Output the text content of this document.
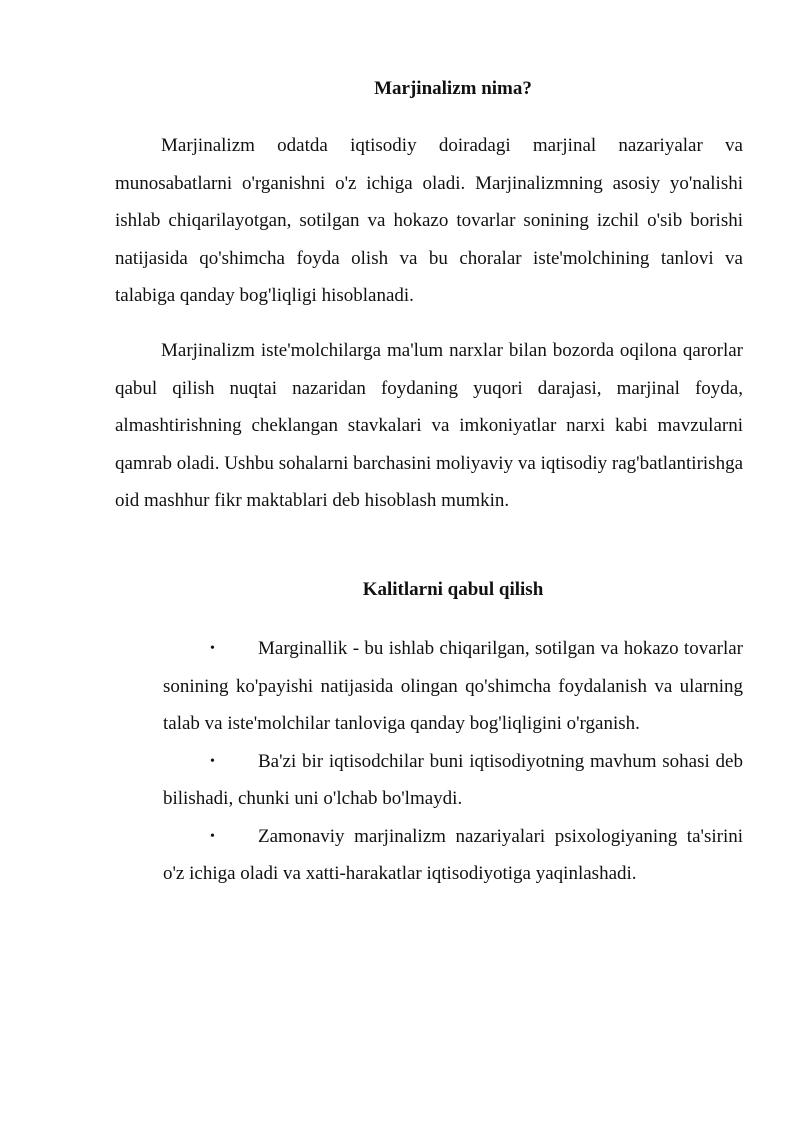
Marjinalizm nima?

Marjinalizm odatda iqtisodiy doiradagi marjinal nazariyalar va munosabatlarni o'rganishni o'z ichiga oladi. Marjinalizmning asosiy yo'nalishi ishlab chiqarilayotgan, sotilgan va hokazo tovarlar sonining izchil o'sib borishi natijasida qo'shimcha foyda olish va bu choralar iste'molchining tanlovi va talabiga qanday bog'liqligi hisoblanadi.

Marjinalizm iste'molchilarga ma'lum narxlar bilan bozorda oqilona qarorlar qabul qilish nuqtai nazaridan foydaning yuqori darajasi, marjinal foyda, almashtirishning cheklangan stavkalari va imkoniyatlar narxi kabi mavzularni qamrab oladi. Ushbu sohalarni barchasini moliyaviy va iqtisodiy rag'batlantirishga oid mashhur fikr maktablari deb hisoblash mumkin.

Kalitlarni qabul qilish
• Marginallik - bu ishlab chiqarilgan, sotilgan va hokazo tovarlar sonining ko'payishi natijasida olingan qo'shimcha foydalanish va ularning talab va iste'molchilar tanloviga qanday bog'liqligini o'rganish.
• Ba'zi bir iqtisodchilar buni iqtisodiyotning mavhum sohasi deb bilishadi, chunki uni o'lchab bo'lmaydi.
• Zamonaviy marjinalizm nazariyalari psixologiyaning ta'sirini o'z ichiga oladi va xatti-harakatlar iqtisodiyotiga yaqinlashadi.
